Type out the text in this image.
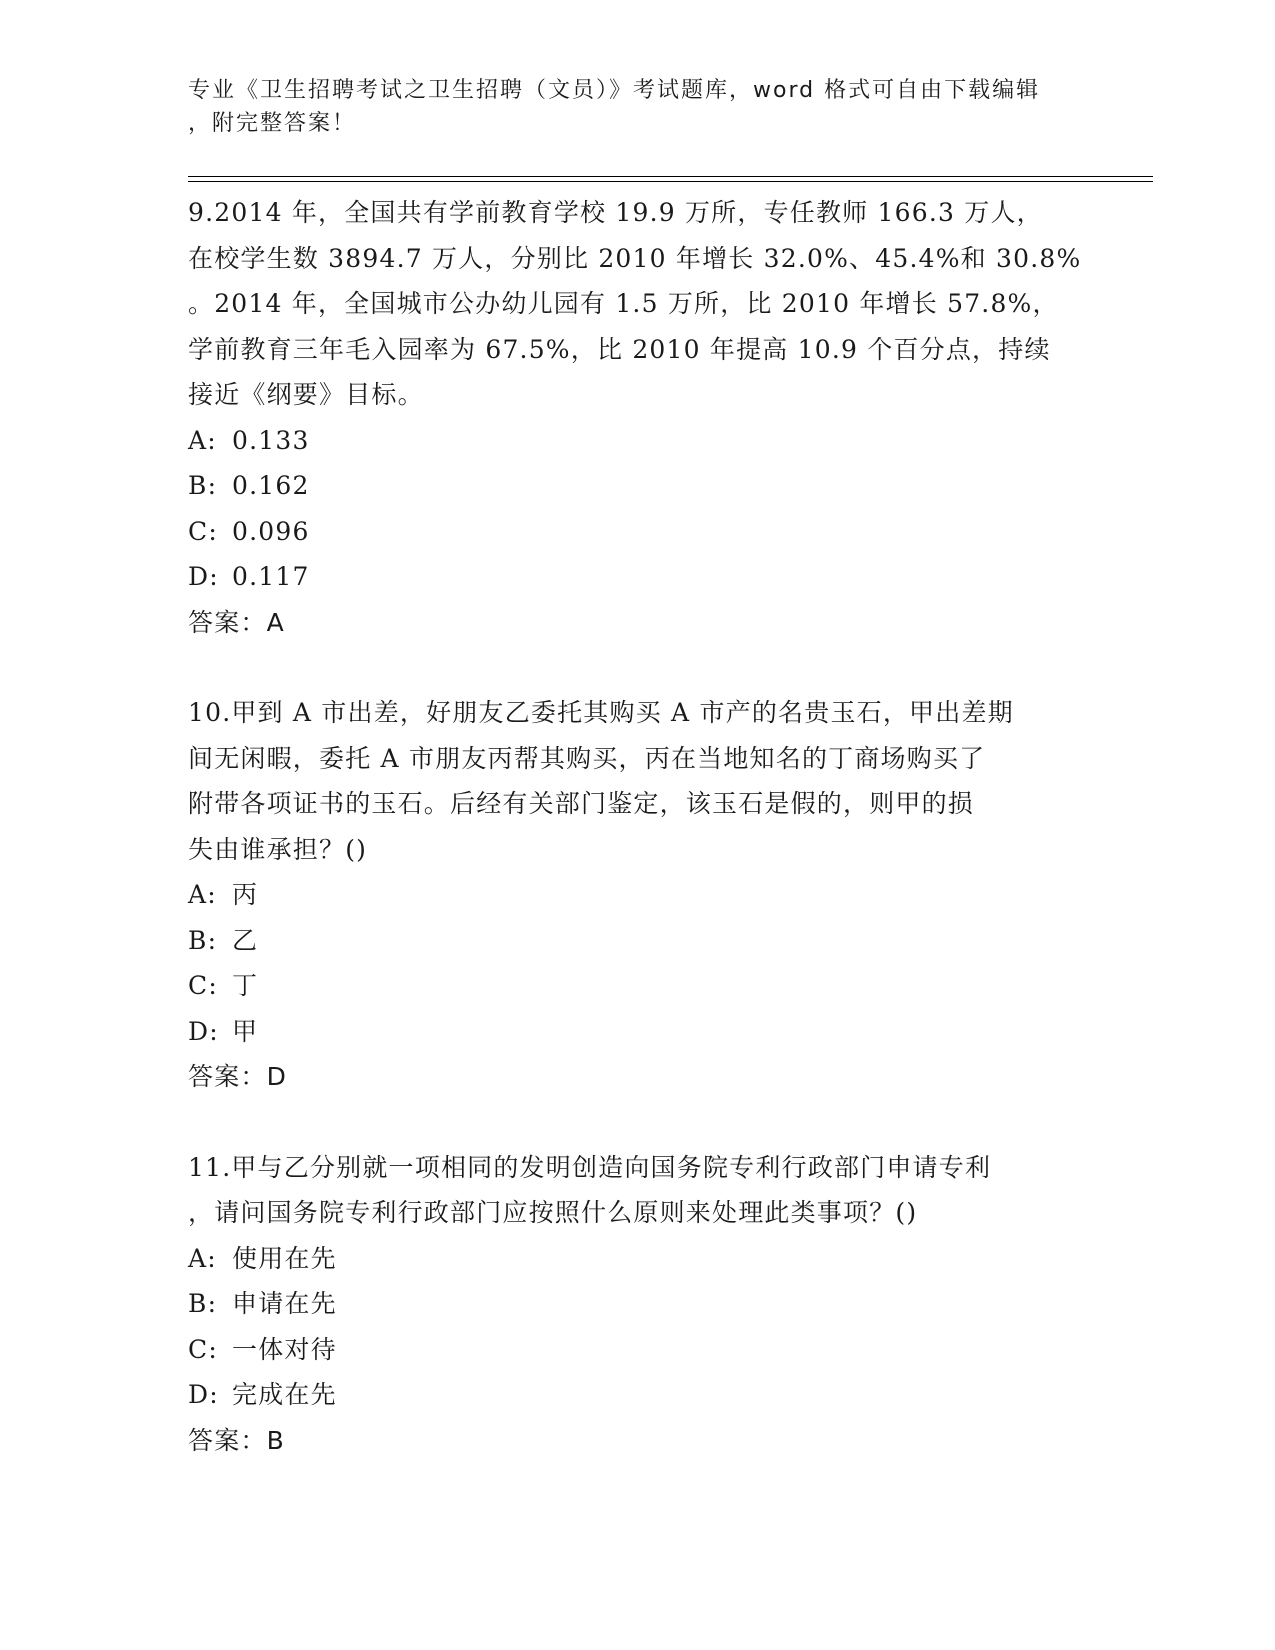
专业《卫生招聘考试之卫生招聘（文员）》考试题库，word 格式可自由下载编辑
，附完整答案！

9.2014 年，全国共有学前教育学校 19.9 万所，专任教师 166.3 万人，
在校学生数 3894.7 万人，分别比 2010 年增长 32.0%、45.4%和 30.8%
。2014 年，全国城市公办幼儿园有 1.5 万所，比 2010 年增长 57.8%，
学前教育三年毛入园率为 67.5%，比 2010 年提高 10.9 个百分点，持续
接近《纲要》目标。

A: 0.133

B: 0.162

C: 0.096

D: 0.117

答案：A

10.甲到 A 市出差，好朋友乙委托其购买 A 市产的名贵玉石，甲出差期
间无闲暇，委托 A 市朋友丙帮其购买，丙在当地知名的丁商场购买了
附带各项证书的玉石。后经有关部门鉴定，该玉石是假的，则甲的损
失由谁承担？()

A: 丙

B: 乙

C: 丁

D: 甲

答案：D

11.甲与乙分别就一项相同的发明创造向国务院专利行政部门申请专利
，请问国务院专利行政部门应按照什么原则来处理此类事项？()

A: 使用在先

B: 申请在先

C: 一体对待

D: 完成在先

答案：B
